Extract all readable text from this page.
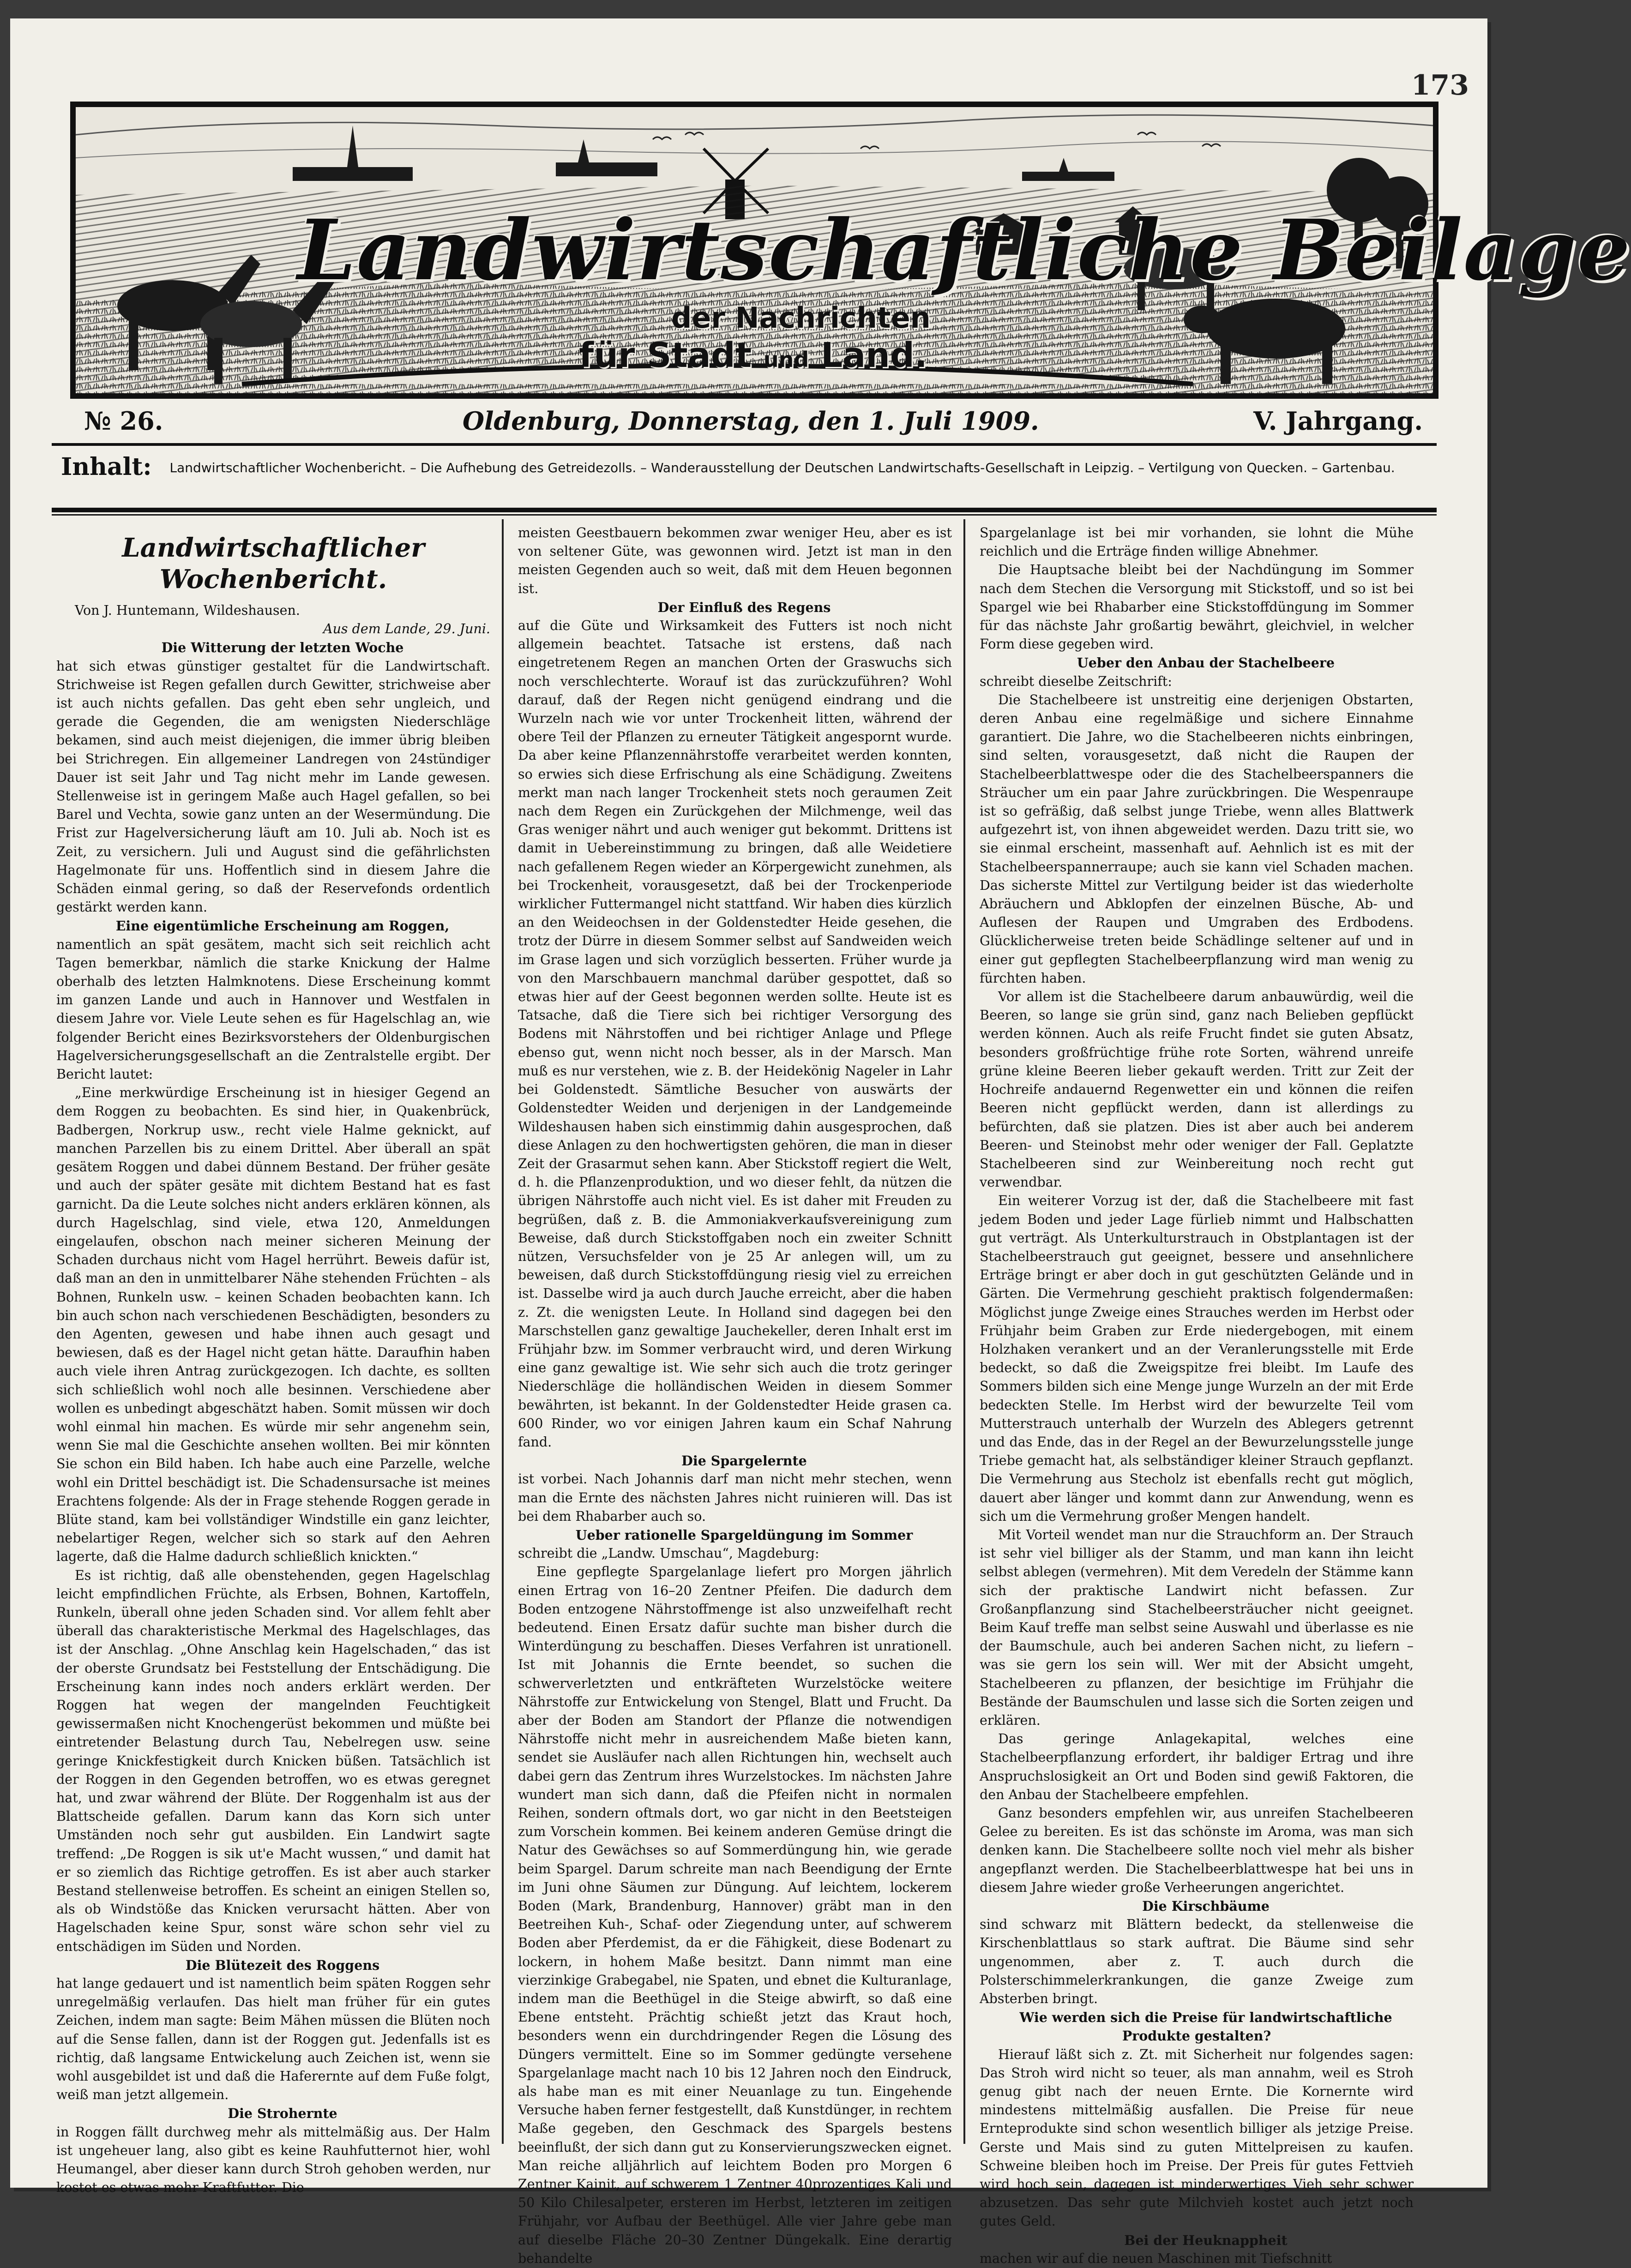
173
Landwirtschaftliche Beilage
der Nachrichten
für Stadt und Land.
№ 26.	Oldenburg, Donnerstag, den 1. Juli 1909.	V. Jahrgang.
Inhalt: Landwirtschaftlicher Wochenbericht. – Die Aufhebung des Getreidezolls. – Wanderausstellung der Deutschen Landwirtschafts-Gesellschaft in Leipzig. – Vertilgung von Quecken. – Gartenbau.
Landwirtschaftlicher Wochenbericht.

Von J. Huntemann, Wildeshausen.

Aus dem Lande, 29. Juni.

Die Witterung der letzten Woche

hat sich etwas günstiger gestaltet für die Landwirtschaft. Strichweise ist Regen gefallen durch Gewitter, strichweise aber ist auch nichts gefallen. Das geht eben sehr ungleich, und gerade die Gegenden, die am wenigsten Niederschläge bekamen, sind auch meist diejenigen, die immer übrig bleiben bei Strichregen. Ein allgemeiner Landregen von 24stündiger Dauer ist seit Jahr und Tag nicht mehr im Lande gewesen. Stellenweise ist in geringem Maße auch Hagel gefallen, so bei Barel und Vechta, sowie ganz unten an der Wesermündung. Die Frist zur Hagelversicherung läuft am 10. Juli ab. Noch ist es Zeit, zu versichern. Juli und August sind die gefährlichsten Hagelmonate für uns. Hoffentlich sind in diesem Jahre die Schäden einmal gering, so daß der Reservefonds ordentlich gestärkt werden kann.

Eine eigentümliche Erscheinung am Roggen,

namentlich an spät gesätem, macht sich seit reichlich acht Tagen bemerkbar, nämlich die starke Knickung der Halme oberhalb des letzten Halmknotens. Diese Erscheinung kommt im ganzen Lande und auch in Hannover und Westfalen in diesem Jahre vor. Viele Leute sehen es für Hagelschlag an, wie folgender Bericht eines Bezirksvorstehers der Oldenburgischen Hagelversicherungsgesellschaft an die Zentralstelle ergibt. Der Bericht lautet:

„Eine merkwürdige Erscheinung ist in hiesiger Gegend an dem Roggen zu beobachten. Es sind hier, in Quakenbrück, Badbergen, Norkrup usw., recht viele Halme geknickt, auf manchen Parzellen bis zu einem Drittel. Aber überall an spät gesätem Roggen und dabei dünnem Bestand. Der früher gesäte und auch der später gesäte mit dichtem Bestand hat es fast garnicht. Da die Leute solches nicht anders erklären können, als durch Hagelschlag, sind viele, etwa 120, Anmeldungen eingelaufen, obschon nach meiner sicheren Meinung der Schaden durchaus nicht vom Hagel herrührt. Beweis dafür ist, daß man an den in unmittelbarer Nähe stehenden Früchten – als Bohnen, Runkeln usw. – keinen Schaden beobachten kann. Ich bin auch schon nach verschiedenen Beschädigten, besonders zu den Agenten, gewesen und habe ihnen auch gesagt und bewiesen, daß es der Hagel nicht getan hätte. Daraufhin haben auch viele ihren Antrag zurückgezogen. Ich dachte, es sollten sich schließlich wohl noch alle besinnen. Verschiedene aber wollen es unbedingt abgeschätzt haben. Somit müssen wir doch wohl einmal hin machen. Es würde mir sehr angenehm sein, wenn Sie mal die Geschichte ansehen wollten. Bei mir könnten Sie schon ein Bild haben. Ich habe auch eine Parzelle, welche wohl ein Drittel beschädigt ist. Die Schadensursache ist meines Erachtens folgende: Als der in Frage stehende Roggen gerade in Blüte stand, kam bei vollständiger Windstille ein ganz leichter, nebelartiger Regen, welcher sich so stark auf den Aehren lagerte, daß die Halme dadurch schließlich knickten.“

Es ist richtig, daß alle obenstehenden, gegen Hagelschlag leicht empfindlichen Früchte, als Erbsen, Bohnen, Kartoffeln, Runkeln, überall ohne jeden Schaden sind. Vor allem fehlt aber überall das charakteristische Merkmal des Hagelschlages, das ist der Anschlag. „Ohne Anschlag kein Hagelschaden,“ das ist der oberste Grundsatz bei Feststellung der Entschädigung. Die Erscheinung kann indes noch anders erklärt werden. Der Roggen hat wegen der mangelnden Feuchtigkeit gewissermaßen nicht Knochengerüst bekommen und müßte bei eintretender Belastung durch Tau, Nebelregen usw. seine geringe Knickfestigkeit durch Knicken büßen. Tatsächlich ist der Roggen in den Gegenden betroffen, wo es etwas geregnet hat, und zwar während der Blüte. Der Roggenhalm ist aus der Blattscheide gefallen. Darum kann das Korn sich unter Umständen noch sehr gut ausbilden. Ein Landwirt sagte treffend: „De Roggen is sik ut'e Macht wussen,“ und damit hat er so ziemlich das Richtige getroffen. Es ist aber auch starker Bestand stellenweise betroffen. Es scheint an einigen Stellen so, als ob Windstöße das Knicken verursacht hätten. Aber von Hagelschaden keine Spur, sonst wäre schon sehr viel zu entschädigen im Süden und Norden.

Die Blütezeit des Roggens

hat lange gedauert und ist namentlich beim späten Roggen sehr unregelmäßig verlaufen. Das hielt man früher für ein gutes Zeichen, indem man sagte: Beim Mähen müssen die Blüten noch auf die Sense fallen, dann ist der Roggen gut. Jedenfalls ist es richtig, daß langsame Entwickelung auch Zeichen ist, wenn sie wohl ausgebildet ist und daß die Haferernte auf dem Fuße folgt, weiß man jetzt allgemein.

Die Strohernte

in Roggen fällt durchweg mehr als mittelmäßig aus. Der Halm ist ungeheuer lang, also gibt es keine Rauhfutternot hier, wohl Heumangel, aber dieser kann durch Stroh gehoben werden, nur kostet es etwas mehr Kraftfutter. Die

meisten Geestbauern bekommen zwar weniger Heu, aber es ist von seltener Güte, was gewonnen wird. Jetzt ist man in den meisten Gegenden auch so weit, daß mit dem Heuen begonnen ist.

Der Einfluß des Regens

auf die Güte und Wirksamkeit des Futters ist noch nicht allgemein beachtet. Tatsache ist erstens, daß nach eingetretenem Regen an manchen Orten der Graswuchs sich noch verschlechterte. Worauf ist das zurückzuführen? Wohl darauf, daß der Regen nicht genügend eindrang und die Wurzeln nach wie vor unter Trockenheit litten, während der obere Teil der Pflanzen zu erneuter Tätigkeit angespornt wurde. Da aber keine Pflanzennährstoffe verarbeitet werden konnten, so erwies sich diese Erfrischung als eine Schädigung. Zweitens merkt man nach langer Trockenheit stets noch geraumen Zeit nach dem Regen ein Zurückgehen der Milchmenge, weil das Gras weniger nährt und auch weniger gut bekommt. Drittens ist damit in Uebereinstimmung zu bringen, daß alle Weidetiere nach gefallenem Regen wieder an Körpergewicht zunehmen, als bei Trockenheit, vorausgesetzt, daß bei der Trockenperiode wirklicher Futtermangel nicht stattfand. Wir haben dies kürzlich an den Weideochsen in der Goldenstedter Heide gesehen, die trotz der Dürre in diesem Sommer selbst auf Sandweiden weich im Grase lagen und sich vorzüglich besserten. Früher wurde ja von den Marschbauern manchmal darüber gespottet, daß so etwas hier auf der Geest begonnen werden sollte. Heute ist es Tatsache, daß die Tiere sich bei richtiger Versorgung des Bodens mit Nährstoffen und bei richtiger Anlage und Pflege ebenso gut, wenn nicht noch besser, als in der Marsch. Man muß es nur verstehen, wie z. B. der Heidekönig Nageler in Lahr bei Goldenstedt. Sämtliche Besucher von auswärts der Goldenstedter Weiden und derjenigen in der Landgemeinde Wildeshausen haben sich einstimmig dahin ausgesprochen, daß diese Anlagen zu den hochwertigsten gehören, die man in dieser Zeit der Grasarmut sehen kann. Aber Stickstoff regiert die Welt, d. h. die Pflanzenproduktion, und wo dieser fehlt, da nützen die übrigen Nährstoffe auch nicht viel. Es ist daher mit Freuden zu begrüßen, daß z. B. die Ammoniakverkaufsvereinigung zum Beweise, daß durch Stickstoffgaben noch ein zweiter Schnitt nützen, Versuchsfelder von je 25 Ar anlegen will, um zu beweisen, daß durch Stickstoffdüngung riesig viel zu erreichen ist. Dasselbe wird ja auch durch Jauche erreicht, aber die haben z. Zt. die wenigsten Leute. In Holland sind dagegen bei den Marschstellen ganz gewaltige Jauchekeller, deren Inhalt erst im Frühjahr bzw. im Sommer verbraucht wird, und deren Wirkung eine ganz gewaltige ist. Wie sehr sich auch die trotz geringer Niederschläge die holländischen Weiden in diesem Sommer bewährten, ist bekannt. In der Goldenstedter Heide grasen ca. 600 Rinder, wo vor einigen Jahren kaum ein Schaf Nahrung fand.

Die Spargelernte

ist vorbei. Nach Johannis darf man nicht mehr stechen, wenn man die Ernte des nächsten Jahres nicht ruinieren will. Das ist bei dem Rhabarber auch so.

Ueber rationelle Spargeldüngung im Sommer

schreibt die „Landw. Umschau“, Magdeburg:

Eine gepflegte Spargelanlage liefert pro Morgen jährlich einen Ertrag von 16–20 Zentner Pfeifen. Die dadurch dem Boden entzogene Nährstoffmenge ist also unzweifelhaft recht bedeutend. Einen Ersatz dafür suchte man bisher durch die Winterdüngung zu beschaffen. Dieses Verfahren ist unrationell. Ist mit Johannis die Ernte beendet, so suchen die schwerverletzten und entkräfteten Wurzelstöcke weitere Nährstoffe zur Entwickelung von Stengel, Blatt und Frucht. Da aber der Boden am Standort der Pflanze die notwendigen Nährstoffe nicht mehr in ausreichendem Maße bieten kann, sendet sie Ausläufer nach allen Richtungen hin, wechselt auch dabei gern das Zentrum ihres Wurzelstockes. Im nächsten Jahre wundert man sich dann, daß die Pfeifen nicht in normalen Reihen, sondern oftmals dort, wo gar nicht in den Beetsteigen zum Vorschein kommen. Bei keinem anderen Gemüse dringt die Natur des Gewächses so auf Sommerdüngung hin, wie gerade beim Spargel. Darum schreite man nach Beendigung der Ernte im Juni ohne Säumen zur Düngung. Auf leichtem, lockerem Boden (Mark, Brandenburg, Hannover) gräbt man in den Beetreihen Kuh-, Schaf- oder Ziegendung unter, auf schwerem Boden aber Pferdemist, da er die Fähigkeit, diese Bodenart zu lockern, in hohem Maße besitzt. Dann nimmt man eine vierzinkige Grabegabel, nie Spaten, und ebnet die Kulturanlage, indem man die Beethügel in die Steige abwirft, so daß eine Ebene entsteht. Prächtig schießt jetzt das Kraut hoch, besonders wenn ein durchdringender Regen die Lösung des Düngers vermittelt. Eine so im Sommer gedüngte versehene Spargelanlage macht nach 10 bis 12 Jahren noch den Eindruck, als habe man es mit einer Neuanlage zu tun. Eingehende Versuche haben ferner festgestellt, daß Kunstdünger, in rechtem Maße gegeben, den Geschmack des Spargels bestens beeinflußt, der sich dann gut zu Konservierungszwecken eignet. Man reiche alljährlich auf leichtem Boden pro Morgen 6 Zentner Kainit, auf schwerem 1 Zentner 40prozentiges Kali und 50 Kilo Chilesalpeter, ersteren im Herbst, letzteren im zeitigen Frühjahr, vor Aufbau der Beethügel. Alle vier Jahre gebe man auf dieselbe Fläche 20–30 Zentner Düngekalk. Eine derartig behandelte

Spargelanlage ist bei mir vorhanden, sie lohnt die Mühe reichlich und die Erträge finden willige Abnehmer.

Die Hauptsache bleibt bei der Nachdüngung im Sommer nach dem Stechen die Versorgung mit Stickstoff, und so ist bei Spargel wie bei Rhabarber eine Stickstoffdüngung im Sommer für das nächste Jahr großartig bewährt, gleichviel, in welcher Form diese gegeben wird.

Ueber den Anbau der Stachelbeere

schreibt dieselbe Zeitschrift:

Die Stachelbeere ist unstreitig eine derjenigen Obstarten, deren Anbau eine regelmäßige und sichere Einnahme garantiert. Die Jahre, wo die Stachelbeeren nichts einbringen, sind selten, vorausgesetzt, daß nicht die Raupen der Stachelbeerblattwespe oder die des Stachelbeerspanners die Sträucher um ein paar Jahre zurückbringen. Die Wespenraupe ist so gefräßig, daß selbst junge Triebe, wenn alles Blattwerk aufgezehrt ist, von ihnen abgeweidet werden. Dazu tritt sie, wo sie einmal erscheint, massenhaft auf. Aehnlich ist es mit der Stachelbeerspannerraupe; auch sie kann viel Schaden machen. Das sicherste Mittel zur Vertilgung beider ist das wiederholte Abräuchern und Abklopfen der einzelnen Büsche, Ab- und Auflesen der Raupen und Umgraben des Erdbodens. Glücklicherweise treten beide Schädlinge seltener auf und in einer gut gepflegten Stachelbeerpflanzung wird man wenig zu fürchten haben.

Vor allem ist die Stachelbeere darum anbauwürdig, weil die Beeren, so lange sie grün sind, ganz nach Belieben gepflückt werden können. Auch als reife Frucht findet sie guten Absatz, besonders großfrüchtige frühe rote Sorten, während unreife grüne kleine Beeren lieber gekauft werden. Tritt zur Zeit der Hochreife andauernd Regenwetter ein und können die reifen Beeren nicht gepflückt werden, dann ist allerdings zu befürchten, daß sie platzen. Dies ist aber auch bei anderem Beeren- und Steinobst mehr oder weniger der Fall. Geplatzte Stachelbeeren sind zur Weinbereitung noch recht gut verwendbar.

Ein weiterer Vorzug ist der, daß die Stachelbeere mit fast jedem Boden und jeder Lage fürlieb nimmt und Halbschatten gut verträgt. Als Unterkulturstrauch in Obstplantagen ist der Stachelbeerstrauch gut geeignet, bessere und ansehnlichere Erträge bringt er aber doch in gut geschützten Gelände und in Gärten. Die Vermehrung geschieht praktisch folgendermaßen: Möglichst junge Zweige eines Strauches werden im Herbst oder Frühjahr beim Graben zur Erde niedergebogen, mit einem Holzhaken verankert und an der Veranlerungsstelle mit Erde bedeckt, so daß die Zweigspitze frei bleibt. Im Laufe des Sommers bilden sich eine Menge junge Wurzeln an der mit Erde bedeckten Stelle. Im Herbst wird der bewurzelte Teil vom Mutterstrauch unterhalb der Wurzeln des Ablegers getrennt und das Ende, das in der Regel an der Bewurzelungsstelle junge Triebe gemacht hat, als selbständiger kleiner Strauch gepflanzt. Die Vermehrung aus Stecholz ist ebenfalls recht gut möglich, dauert aber länger und kommt dann zur Anwendung, wenn es sich um die Vermehrung großer Mengen handelt.

Mit Vorteil wendet man nur die Strauchform an. Der Strauch ist sehr viel billiger als der Stamm, und man kann ihn leicht selbst ablegen (vermehren). Mit dem Veredeln der Stämme kann sich der praktische Landwirt nicht befassen. Zur Großanpflanzung sind Stachelbeersträucher nicht geeignet. Beim Kauf treffe man selbst seine Auswahl und überlasse es nie der Baumschule, auch bei anderen Sachen nicht, zu liefern – was sie gern los sein will. Wer mit der Absicht umgeht, Stachelbeeren zu pflanzen, der besichtige im Frühjahr die Bestände der Baumschulen und lasse sich die Sorten zeigen und erklären.

Das geringe Anlagekapital, welches eine Stachelbeerpflanzung erfordert, ihr baldiger Ertrag und ihre Anspruchslosigkeit an Ort und Boden sind gewiß Faktoren, die den Anbau der Stachelbeere empfehlen.

Ganz besonders empfehlen wir, aus unreifen Stachelbeeren Gelee zu bereiten. Es ist das schönste im Aroma, was man sich denken kann. Die Stachelbeere sollte noch viel mehr als bisher angepflanzt werden. Die Stachelbeerblattwespe hat bei uns in diesem Jahre wieder große Verheerungen angerichtet.

Die Kirschbäume

sind schwarz mit Blättern bedeckt, da stellenweise die Kirschenblattlaus so stark auftrat. Die Bäume sind sehr ungenommen, aber z. T. auch durch die Polsterschimmelerkrankungen, die ganze Zweige zum Absterben bringt.

Wie werden sich die Preise für landwirtschaftliche Produkte gestalten?

Hierauf läßt sich z. Zt. mit Sicherheit nur folgendes sagen: Das Stroh wird nicht so teuer, als man annahm, weil es Stroh genug gibt nach der neuen Ernte. Die Kornernte wird mindestens mittelmäßig ausfallen. Die Preise für neue Ernteprodukte sind schon wesentlich billiger als jetzige Preise. Gerste und Mais sind zu guten Mittelpreisen zu kaufen. Schweine bleiben hoch im Preise. Der Preis für gutes Fettvieh wird hoch sein, dagegen ist minderwertiges Vieh sehr schwer abzusetzen. Das sehr gute Milchvieh kostet auch jetzt noch gutes Geld.

Bei der Heuknappheit

machen wir auf die neuen Maschinen mit Tiefschnitt
